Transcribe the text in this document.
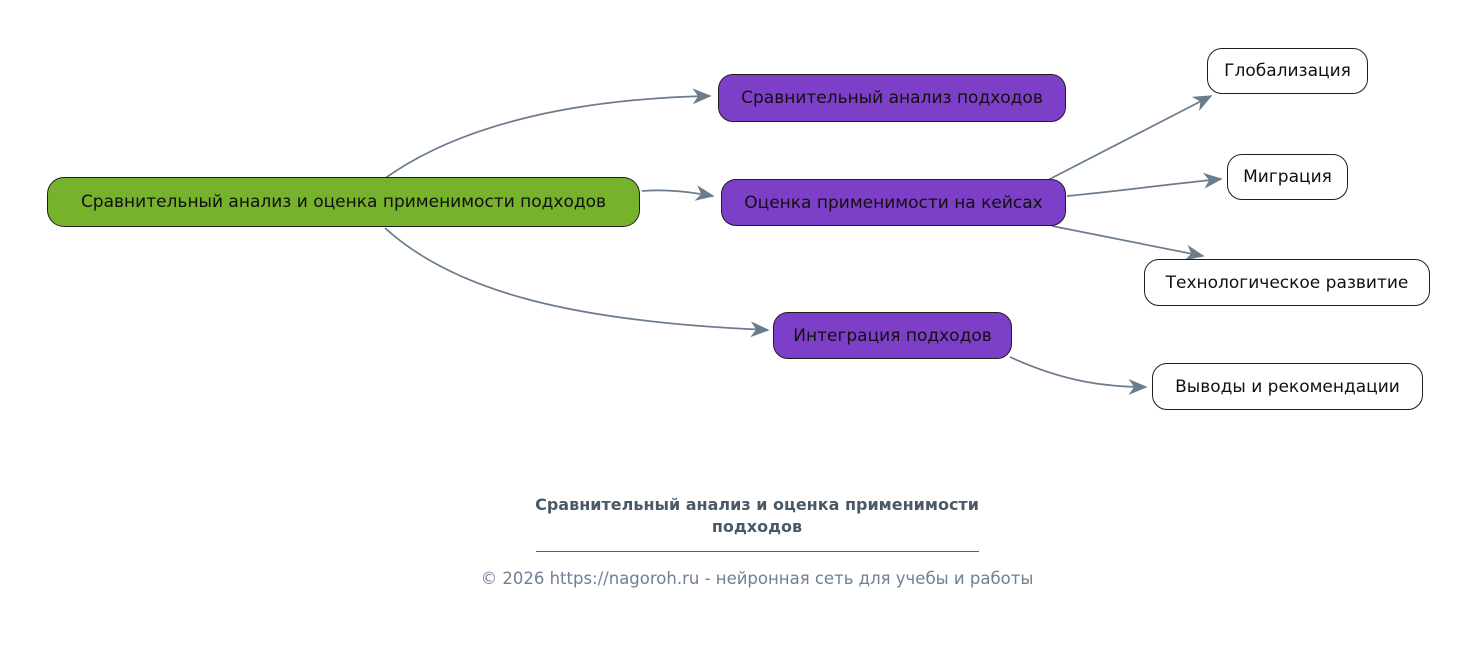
Сравнительный анализ и оценка применимости подходов
Сравнительный анализ подходов
Оценка применимости на кейсах
Интеграция подходов
Глобализация
Миграция
Технологическое развитие
Выводы и рекомендации
Сравнительный анализ и оценка применимости подходов
© 2026 https://nagoroh.ru - нейронная сеть для учебы и работы
